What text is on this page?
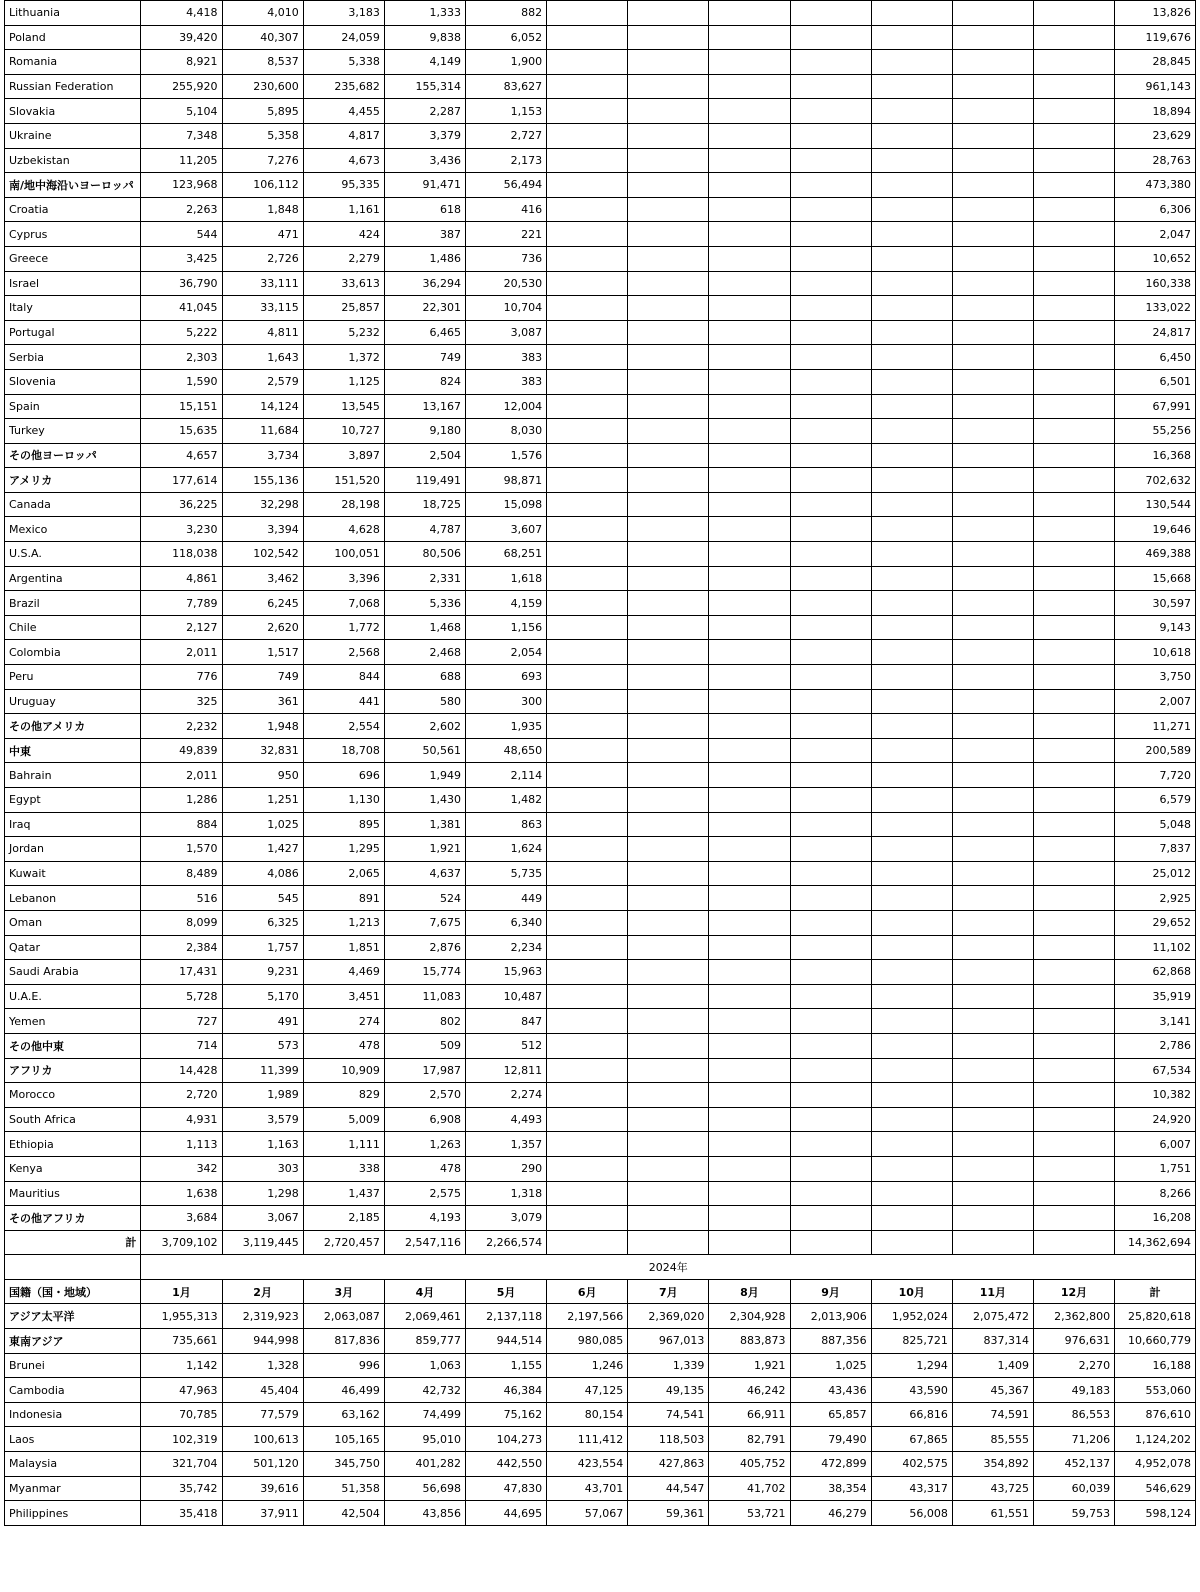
Lithuania	4,418	4,010	3,183	1,333	882								13,826
Poland	39,420	40,307	24,059	9,838	6,052								119,676
Romania	8,921	8,537	5,338	4,149	1,900								28,845
Russian Federation	255,920	230,600	235,682	155,314	83,627								961,143
Slovakia	5,104	5,895	4,455	2,287	1,153								18,894
Ukraine	7,348	5,358	4,817	3,379	2,727								23,629
Uzbekistan	11,205	7,276	4,673	3,436	2,173								28,763
南/地中海沿いヨーロッパ	123,968	106,112	95,335	91,471	56,494								473,380
Croatia	2,263	1,848	1,161	618	416								6,306
Cyprus	544	471	424	387	221								2,047
Greece	3,425	2,726	2,279	1,486	736								10,652
Israel	36,790	33,111	33,613	36,294	20,530								160,338
Italy	41,045	33,115	25,857	22,301	10,704								133,022
Portugal	5,222	4,811	5,232	6,465	3,087								24,817
Serbia	2,303	1,643	1,372	749	383								6,450
Slovenia	1,590	2,579	1,125	824	383								6,501
Spain	15,151	14,124	13,545	13,167	12,004								67,991
Turkey	15,635	11,684	10,727	9,180	8,030								55,256
その他ヨーロッパ	4,657	3,734	3,897	2,504	1,576								16,368
アメリカ	177,614	155,136	151,520	119,491	98,871								702,632
Canada	36,225	32,298	28,198	18,725	15,098								130,544
Mexico	3,230	3,394	4,628	4,787	3,607								19,646
U.S.A.	118,038	102,542	100,051	80,506	68,251								469,388
Argentina	4,861	3,462	3,396	2,331	1,618								15,668
Brazil	7,789	6,245	7,068	5,336	4,159								30,597
Chile	2,127	2,620	1,772	1,468	1,156								9,143
Colombia	2,011	1,517	2,568	2,468	2,054								10,618
Peru	776	749	844	688	693								3,750
Uruguay	325	361	441	580	300								2,007
その他アメリカ	2,232	1,948	2,554	2,602	1,935								11,271
中東	49,839	32,831	18,708	50,561	48,650								200,589
Bahrain	2,011	950	696	1,949	2,114								7,720
Egypt	1,286	1,251	1,130	1,430	1,482								6,579
Iraq	884	1,025	895	1,381	863								5,048
Jordan	1,570	1,427	1,295	1,921	1,624								7,837
Kuwait	8,489	4,086	2,065	4,637	5,735								25,012
Lebanon	516	545	891	524	449								2,925
Oman	8,099	6,325	1,213	7,675	6,340								29,652
Qatar	2,384	1,757	1,851	2,876	2,234								11,102
Saudi Arabia	17,431	9,231	4,469	15,774	15,963								62,868
U.A.E.	5,728	5,170	3,451	11,083	10,487								35,919
Yemen	727	491	274	802	847								3,141
その他中東	714	573	478	509	512								2,786
アフリカ	14,428	11,399	10,909	17,987	12,811								67,534
Morocco	2,720	1,989	829	2,570	2,274								10,382
South Africa	4,931	3,579	5,009	6,908	4,493								24,920
Ethiopia	1,113	1,163	1,111	1,263	1,357								6,007
Kenya	342	303	338	478	290								1,751
Mauritius	1,638	1,298	1,437	2,575	1,318								8,266
その他アフリカ	3,684	3,067	2,185	4,193	3,079								16,208
計	3,709,102	3,119,445	2,720,457	2,547,116	2,266,574								14,362,694
	2024年												
国籍（国・地域）	1月	2月	3月	4月	5月	6月	7月	8月	9月	10月	11月	12月	計
アジア太平洋	1,955,313	2,319,923	2,063,087	2,069,461	2,137,118	2,197,566	2,369,020	2,304,928	2,013,906	1,952,024	2,075,472	2,362,800	25,820,618
東南アジア	735,661	944,998	817,836	859,777	944,514	980,085	967,013	883,873	887,356	825,721	837,314	976,631	10,660,779
Brunei	1,142	1,328	996	1,063	1,155	1,246	1,339	1,921	1,025	1,294	1,409	2,270	16,188
Cambodia	47,963	45,404	46,499	42,732	46,384	47,125	49,135	46,242	43,436	43,590	45,367	49,183	553,060
Indonesia	70,785	77,579	63,162	74,499	75,162	80,154	74,541	66,911	65,857	66,816	74,591	86,553	876,610
Laos	102,319	100,613	105,165	95,010	104,273	111,412	118,503	82,791	79,490	67,865	85,555	71,206	1,124,202
Malaysia	321,704	501,120	345,750	401,282	442,550	423,554	427,863	405,752	472,899	402,575	354,892	452,137	4,952,078
Myanmar	35,742	39,616	51,358	56,698	47,830	43,701	44,547	41,702	38,354	43,317	43,725	60,039	546,629
Philippines	35,418	37,911	42,504	43,856	44,695	57,067	59,361	53,721	46,279	56,008	61,551	59,753	598,124
